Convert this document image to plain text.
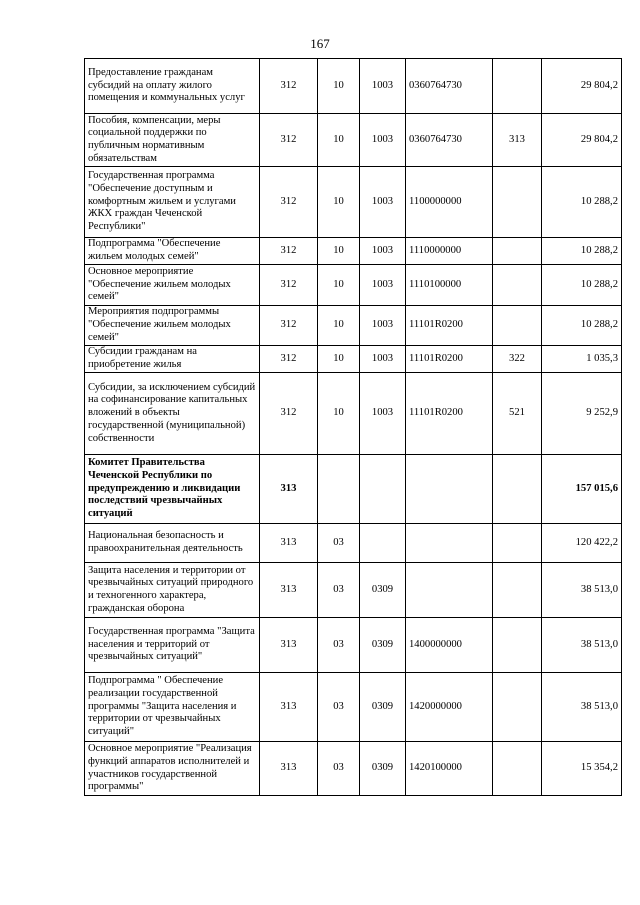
167
Предоставление гражданам субсидий на оплату жилого помещения и коммунальных услуг	312	10	1003	0360764730		29 804,2
Пособия, компенсации, меры социальной поддержки по публичным нормативным обязательствам	312	10	1003	0360764730	313	29 804,2
Государственная программа "Обеспечение доступным и комфортным жильем и услугами ЖКХ граждан Чеченской Республики"	312	10	1003	1100000000		10 288,2
Подпрограмма "Обеспечение жильем молодых семей"	312	10	1003	1110000000		10 288,2
Основное мероприятие "Обеспечение жильем молодых семей"	312	10	1003	1110100000		10 288,2
Мероприятия подпрограммы "Обеспечение жильем молодых семей"	312	10	1003	11101R0200		10 288,2
Субсидии гражданам на приобретение жилья	312	10	1003	11101R0200	322	1 035,3
Субсидии, за исключением субсидий на софинансирование капитальных вложений в объекты государственной (муниципальной) собственности	312	10	1003	11101R0200	521	9 252,9
Комитет Правительства Чеченской Республики по предупреждению и ликвидации последствий чрезвычайных ситуаций	313					157 015,6
Национальная безопасность и правоохранительная деятельность	313	03				120 422,2
Защита населения и территории от чрезвычайных ситуаций природного и техногенного характера, гражданская оборона	313	03	0309			38 513,0
Государственная программа "Защита населения и территорий от чрезвычайных ситуаций"	313	03	0309	1400000000		38 513,0
Подпрограмма " Обеспечение реализации государственной программы "Защита населения и территории от чрезвычайных ситуаций"	313	03	0309	1420000000		38 513,0
Основное мероприятие "Реализация функций аппаратов исполнителей и участников государственной программы"	313	03	0309	1420100000		15 354,2
